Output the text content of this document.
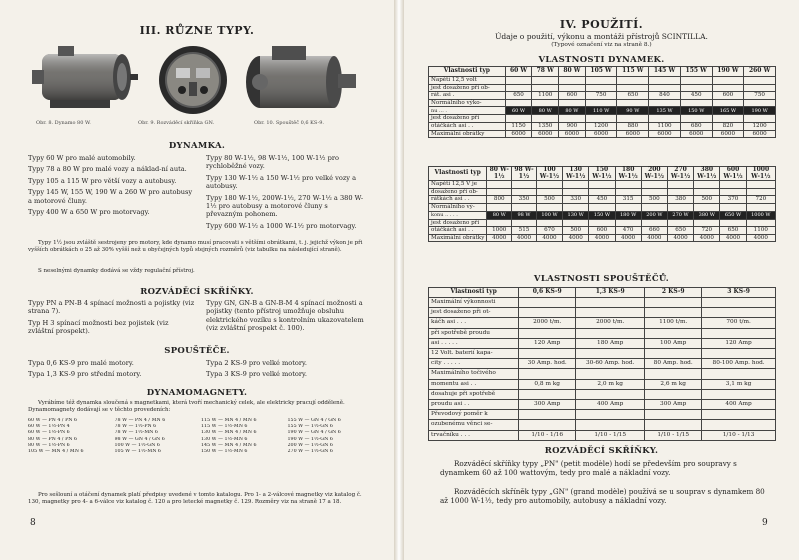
III. RŮZNE TYPY.
Obr. 8. Dynamo 80 W.	Obr. 9. Rozváděcí skříňka GN.	Obr. 10. Spouštěč 0,6 KS-9.
DYNAMKA.
Typy 60 W pro malé automobily.
Typy 78 a 80 W pro malé vozy a náklad-ní auta.
Typy 105 a 115 W pro větší vozy a autobusy.
Typy 145 W, 155 W, 190 W a 260 W pro autobusy a motorové čluny.
Typy 400 W a 650 W pro motorvagy.
Typy 80 W-1½, 98 W-1½, 100 W-1½ pro rychloběžné vozy.
Typy 130 W-1½ a 150 W-1½ pro velké vozy a autobusy.
Typy 180 W-1½, 200W-1½, 270 W-1½ a 380 W-1½ pro autobusy a motorové čluny s převazným pohonem.
Typy 600 W-1½ a 1000 W-1½ pro motorvagy.
Typy 1½ jsou zvláště sestrojeny pro motory, kde dynamo musí pracovati s většími obrátkami, t. j. jejichž výkon je při vyšších obrátkách o 25 až 30% vyšší než u obyčejných typů stejných rozměrů (viz tabulku na následující straně).
S neselnými dynamky dodává se vždy regulační přístroj.
ROZVÁDĚCÍ SKŘÍŇKY.
Typy PN a PN-B 4 spínací možnosti a pojistky (viz strana 7).
Typ H 3 spínací možnosti bez pojistek (viz zvláštní prospekt).
Typy GN, GN-B a GN-B-M 4 spínací možnosti a pojistky (tento přístroj umožňuje obsluhu elektrického vozíku s kontrolním ukazovatelem (viz zvláštní prospekt č. 100).
SPOUŠTĚČE.
Typa 0,6 KS-9 pro malé motory.
Typa 1,3 KS-9 pro střední motory.
Typa 2 KS-9 pro velké motory.
Typa 3 KS-9 pro velké motory.
DYNAMOMAGNETY.
Vyrábíme též dynamka sloučená s magnetkami, která tvoří mechanický celek, ale elektricky pracují odděleně. Dynamomagnety dodávají se v těchto provedeních:
60 W — PN 4 / PN 6	78 W — PN 4 / MN 6	115 W — MN 4 / MN 6	155 W — GN 4 / GN 6
60 W — 1½-PN 4	78 W — 1½-PN 6	115 W — 1½-MN 6	155 W — 1½-GN 6
60 W — 1½-PN 6	78 W — 1½-MN 6	130 W — MN 4 / MN 6	190 W — GN 4 / GN 6
80 W — PN 4 / PN 6	98 W — GN 4 / GN 6	130 W — 1½-MN 6	190 W — 1½-GN 6
80 W — 1½-PN 6	100 W — 1½-GN 6	145 W — MN 4 / MN 6	200 W — 1½-GN 6
105 W — MN 4 / MN 6	105 W — 1½-MN 6	150 W — 1½-MN 6	270 W — 1½-GN 6
Pro sešlouní a otáčení dynamek platí předpisy uvedené v tomto katalogu. Pro 1- a 2-válcové magnetky viz katalog č. 130, magnetky pro 4- a 6-válce viz katalog č. 120 a pro letecké magnetky č. 129. Rozměry viz na straně 17 a 18.
8
IV. POUŽITÍ.
Údaje o použití, výkonu a montáži přístrojů SCINTILLA.
(Typové označení viz na straně 8.)
VLASTNOSTI DYNAMEK.
Vlastnosti typ	60 W	78 W	80 W	105 W	115 W	145 W	155 W	190 W	260 W
Napětí 12,5 volt									
jest dosaženo při ob-									
rát. asi .	650	1100	600	750	650	840	450	600	750
Normálního výko-									
nu ... .	60 W	80 W	80 W	110 W	90 W	135 W	150 W	165 W	190 W
jest dosaženo při									
otáčkách asi . .	1150	1350	900	1200	880	1100	680	820	1200
Maximální obrátky	6000	6000	6000	6000	6000	6000	6000	6000	6000
Vlastnosti typ	80 W-1½	98 W-1½	100 W-1½	130 W-1½	150 W-1½	180 W-1½	200 W-1½	270 W-1½	380 W-1½	600 W-1½	1000 W-1½
Napětí 12,5 V je											
dosaženo při ob-											
rátkách asi . .	800	350	500	330	450	315	500	380	500	370	720
Normálního vý-											
konu .. . . .	80 W	98 W	100 W	130 W	150 W	180 W	200 W	270 W	380 W	650 W	1000 W
jest dosaženo při											
otáčkách asi . .	1000	515	670	500	600	470	660	650	720	650	1100
Maximální obrátky	4000	4000	4000	4000	4000	4000	4000	4000	4000	4000	4000
VLASTNOSTI SPOUŠTĚČŮ.
Vlastnosti typ	0,6 KS-9	1,3 KS-9	2 KS-9	3 KS-9
Maximální výkonnosti				
jest dosaženo při ot-				
káčh asi . . .	2000 t/m.	2000 t/m.	1100 t/m.	700 t/m.
při spotřebě proudu				
asi . . . . .	120 Amp	180 Amp	100 Amp	120 Amp
12 Volt. baterií kapa-				
city . . . . .	30 Amp. hod.	30-60 Amp. hod.	80 Amp. hod.	80-100 Amp. hod.
Maximálního točivého				
momentu asi . .	0,8 m kg	2,0 m kg	2,6 m kg	3,1 m kg
dosahuje při spotřebě				
proudu asi . .	300 Amp	400 Amp	300 Amp	400 Amp
Převodový poměr k				
ozubenému věnci se-				
trvačníku . . .	1/10 - 1/16	1/10 - 1/15	1/10 - 1/15	1/10 - 1/13
ROZVÁDĚCÍ SKŘÍŇKY.
Rozváděcí skříňky typy „PN" (petit modèle) hodí se především pro soupravy s dynamkem 60 až 100 wattovým, tedy pro malé a nákladní vozy.
Rozváděcích skříněk typy „GN" (grand modèle) používá se u souprav s dynamkem 80 až 1000 W-1½, tedy pro automobily, autobusy a nákladní vozy.
9
